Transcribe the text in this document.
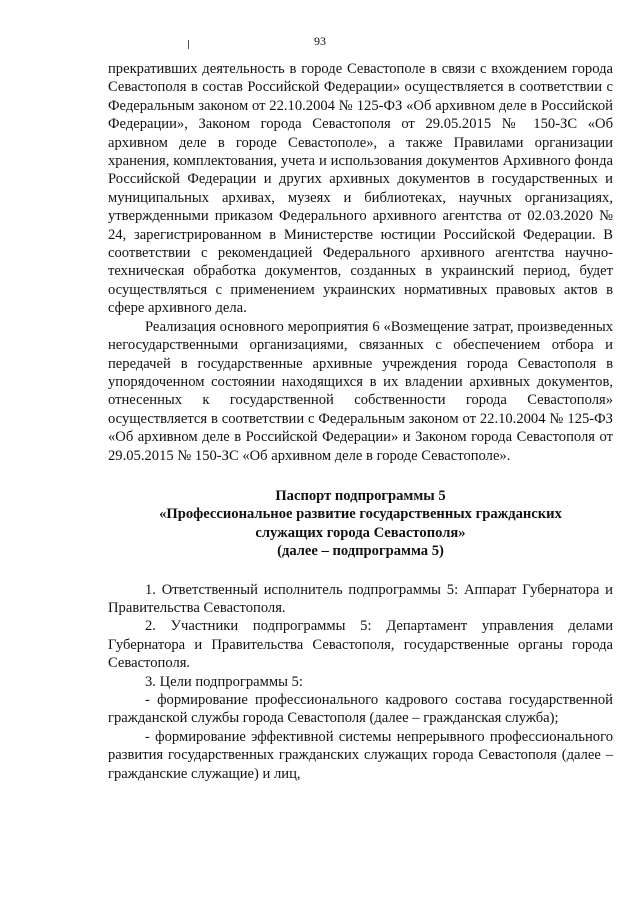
93

прекративших деятельность в городе Севастополе в связи с вхождением города Севастополя в состав Российской Федерации» осуществляется в соответствии с Федеральным законом от 22.10.2004 № 125-ФЗ «Об архивном деле в Российской Федерации», Законом города Севастополя от 29.05.2015 № 150-ЗС «Об архивном деле в городе Севастополе», а также Правилами организации хранения, комплектования, учета и использования документов Архивного фонда Российской Федерации и других архивных документов в государственных и муниципальных архивах, музеях и библиотеках, научных организациях, утвержденными приказом Федерального архивного агентства от 02.03.2020 № 24, зарегистрированном в Министерстве юстиции Российской Федерации. В соответствии с рекомендацией Федерального архивного агентства научно-техническая обработка документов, созданных в украинский период, будет осуществляться с применением украинских нормативных правовых актов в сфере архивного дела.

Реализация основного мероприятия 6 «Возмещение затрат, произведенных негосударственными организациями, связанных с обеспечением отбора и передачей в государственные архивные учреждения города Севастополя в упорядоченном состоянии находящихся в их владении архивных документов, отнесенных к государственной собственности города Севастополя» осуществляется в соответствии с Федеральным законом от 22.10.2004 № 125-ФЗ «Об архивном деле в Российской Федерации» и Законом города Севастополя от 29.05.2015 № 150-ЗС «Об архивном деле в городе Севастополе».

Паспорт подпрограммы 5
«Профессиональное развитие государственных гражданских
служащих города Севастополя»
(далее – подпрограмма 5)

1. Ответственный исполнитель подпрограммы 5: Аппарат Губернатора и Правительства Севастополя.

2. Участники подпрограммы 5: Департамент управления делами Губернатора и Правительства Севастополя, государственные органы города Севастополя.

3. Цели подпрограммы 5:

- формирование профессионального кадрового состава государственной гражданской службы города Севастополя (далее – гражданская служба);

- формирование эффективной системы непрерывного профессионального развития государственных гражданских служащих города Севастополя (далее – гражданские служащие) и лиц,
